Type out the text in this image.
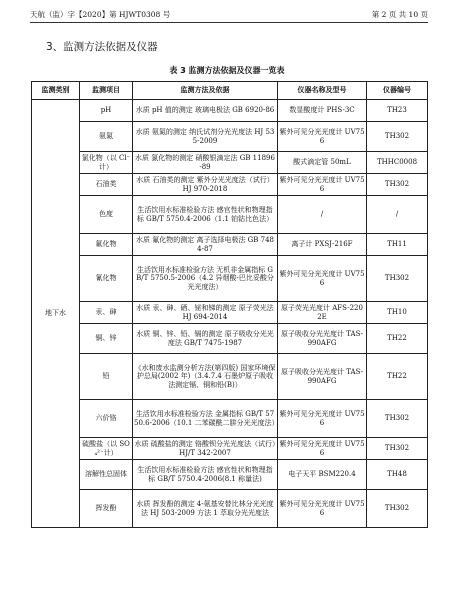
天航（监）字【2020】第 HJWT0308 号	第 2 页 共 10 页
3、监测方法依据及仪器
表 3 监测方法依据及仪器一览表
监测类别	监测项目	监测方法及依据	仪器名称及型号	仪器编号
地下水	pH	水质 pH 值的测定 玻璃电极法 GB 6920-86	数显酸度计 PHS-3C	TH23
	氨氮	水质 氨氮的测定 纳氏试剂分光光度法 HJ 535-2009	紫外可见分光光度计 UV756	TH302
	氯化物（以 Cl⁻计）	水质 氯化物的测定 硝酸银滴定法 GB 11896-89	酸式滴定管 50mL	THHC0008
	石油类	水质 石油类的测定 紫外分光光度法（试行）HJ 970-2018	紫外可见分光光度计 UV756	TH302
	色度	生活饮用水标准检验方法 感官性状和物理指标 GB/T 5750.4-2006（1.1 铂钴比色法）	/	/
	氟化物	水质 氟化物的测定 离子选择电极法 GB 7484-87	离子计 PXSJ-216F	TH11
	氰化物	生活饮用水标准检验方法 无机非金属指标 GB/T 5750.5-2006（4.2 异烟酸-巴比妥酸分光光度法）	紫外可见分光光度计 UV756	TH302
	汞、砷	水质 汞、砷、硒、铋和锑的测定 原子荧光法 HJ 694-2014	原子荧光光度计 AFS-2202E	TH10
	铜、锌	水质 铜、锌、铅、镉的测定 原子吸收分光光度法 GB/T 7475-1987	原子吸收分光光度计 TAS-990AFG	TH22
	铅	《水和废水监测分析方法(第四版) 国家环境保护总局(2002 年)（3.4.7.4 石墨炉原子吸收法测定镉、铜和铅(B)）	原子吸收分光光度计 TAS-990AFG	TH22
	六价铬	生活饮用水标准检验方法 金属指标 GB/T 5750.6-2006（10.1 二苯碳酰二肼分光光度法）	紫外可见分光光度计 UV756	TH302
	硫酸盐（以 SO₄²⁻计）	水质 硫酸盐的测定 铬酸钡分光光度法（试行）HJ/T 342-2007	紫外可见分光光度计 UV756	TH302
	溶解性总固体	生活饮用水标准检验方法 感官性状和物理指标 GB/T 5750.4-2006(8.1 称量法)	电子天平 BSM220.4	TH48
	挥发酚	水质 挥发酚的测定 4-氨基安替比林分光光度法 HJ 503-2009 方法 1 萃取分光光度法	紫外可见分光光度计 UV756	TH302
